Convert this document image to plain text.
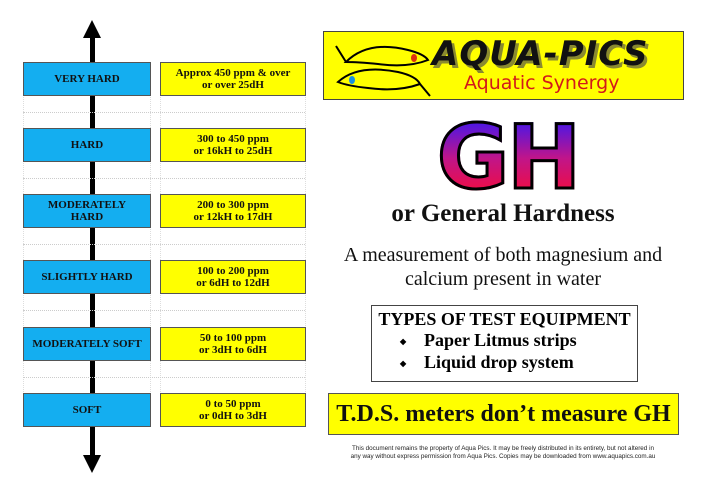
VERY HARD	Approx 450 ppm & over
or over 25dH
HARD	300 to 450 ppm
or 16kH to 25dH
MODERATELY HARD
200 to 300 ppm
or 12kH to 17dH
SLIGHTLY HARD	100 to 200 ppm
or 6dH to 12dH
MODERATELY SOFT	50 to 100 ppm
or 3dH to 6dH
SOFT	0 to 50 ppm
or 0dH to 3dH
AQUA-PICS
Aquatic Synergy
GH
or General Hardness
A measurement of both magnesium and
calcium present in water
TYPES OF TEST EQUIPMENT
◆ Paper Litmus strips
◆ Liquid drop system
T.D.S. meters don’t measure GH
This document remains the property of Aqua Pics. It may be freely distributed in its entirety, but not altered in
any way without express permission from Aqua Pics. Copies may be downloaded from www.aquapics.com.au
